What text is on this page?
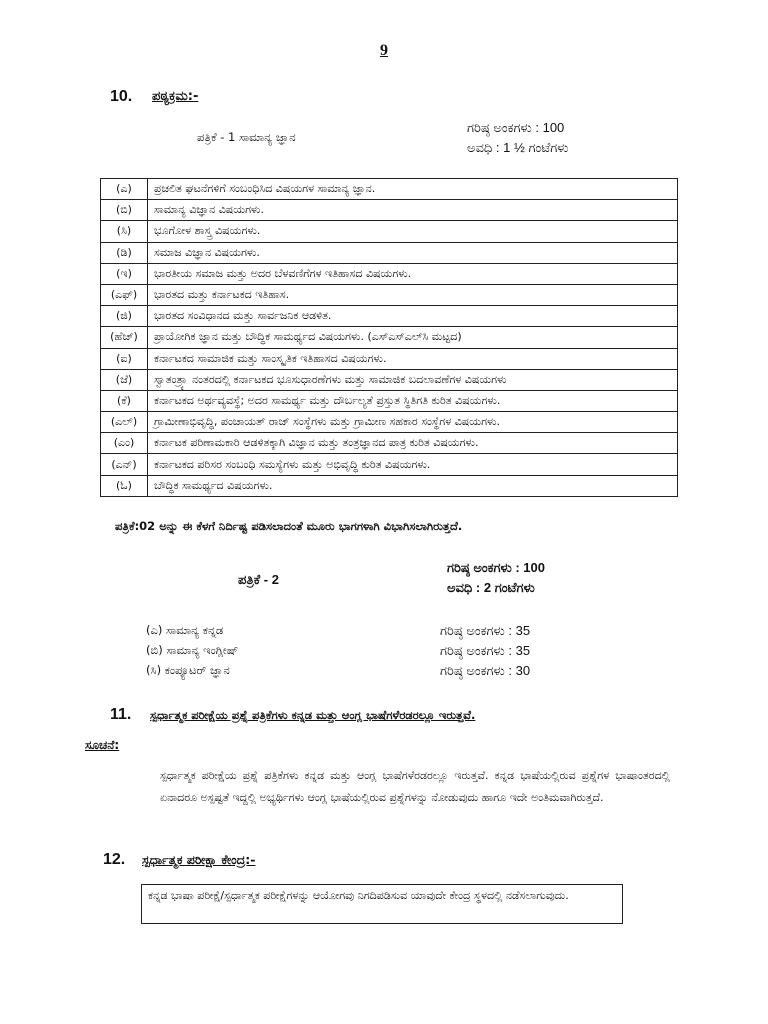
9
10. ಪಠ್ಯಕ್ರಮ:-
ಪತ್ರಿಕೆ - 1 ಸಾಮಾನ್ಯ ಜ್ಞಾನ
ಗರಿಷ್ಠ ಅಂಕಗಳು : 100
ಅವಧಿ : 1 ½ ಗಂಟೆಗಳು
(ಎ)	ಪ್ರಚಲಿತ ಘಟನೆಗಳಿಗೆ ಸಂಬಂಧಿಸಿದ ವಿಷಯಗಳ ಸಾಮಾನ್ಯ ಜ್ಞಾನ.
(ಬಿ)	ಸಾಮಾನ್ಯ ವಿಜ್ಞಾನ ವಿಷಯಗಳು.
(ಸಿ)	ಭೂಗೋಳ ಶಾಸ್ತ್ರ ವಿಷಯಗಳು.
(ಡಿ)	ಸಮಾಜ ವಿಜ್ಞಾನ ವಿಷಯಗಳು.
(ಇ)	ಭಾರತೀಯ ಸಮಾಜ ಮತ್ತು ಅದರ ಬೆಳವಣಿಗೆಗಳ ಇತಿಹಾಸದ ವಿಷಯಗಳು.
(ಎಫ್)	ಭಾರತದ ಮತ್ತು ಕರ್ನಾಟಕದ ಇತಿಹಾಸ.
(ಜಿ)	ಭಾರತದ ಸಂವಿಧಾನದ ಮತ್ತು ಸಾರ್ವಜನಿಕ ಆಡಳಿತ.
(ಹೆಚ್)	ಪ್ರಾಯೋಗಿಕ ಜ್ಞಾನ ಮತ್ತು ಬೌದ್ಧಿಕ ಸಾಮರ್ಥ್ಯದ ವಿಷಯಗಳು. (ಎಸ್‌ಎಸ್‌ಎಲ್‌ಸಿ ಮಟ್ಟದ)
(ಐ)	ಕರ್ನಾಟಕದ ಸಾಮಾಜಿಕ ಮತ್ತು ಸಾಂಸ್ಕೃತಿಕ ಇತಿಹಾಸದ ವಿಷಯಗಳು.
(ಜೆ)	ಸ್ವಾತಂತ್ರ್ಯಾ ನಂತರದಲ್ಲಿ ಕರ್ನಾಟಕದ ಭೂಸುಧಾರಣೆಗಳು ಮತ್ತು ಸಾಮಾಜಿಕ ಬದಲಾವಣೆಗಳ ವಿಷಯಗಳು
(ಕೆ)	ಕರ್ನಾಟಕದ ಅರ್ಥವ್ಯವಸ್ಥೆ; ಅದರ ಸಾಮರ್ಥ್ಯ ಮತ್ತು ದೌರ್ಬಲ್ಯತೆ ಪ್ರಸ್ತುತ ಸ್ಥಿತಿಗತಿ ಕುರಿತ ವಿಷಯಗಳು.
(ಎಲ್)	ಗ್ರಾಮೀಣಾಭಿವೃದ್ಧಿ, ಪಂಚಾಯತ್ ರಾಜ್ ಸಂಸ್ಥೆಗಳು ಮತ್ತು ಗ್ರಾಮೀಣ ಸಹಕಾರ ಸಂಸ್ಥೆಗಳ ವಿಷಯಗಳು.
(ಎಂ)	ಕರ್ನಾಟಕ ಪರಿಣಾಮಕಾರಿ ಆಡಳಿತಕ್ಕಾಗಿ ವಿಜ್ಞಾನ ಮತ್ತು ತಂತ್ರಜ್ಞಾನದ ಪಾತ್ರ ಕುರಿತ ವಿಷಯಗಳು.
(ಎನ್)	ಕರ್ನಾಟಕದ ಪರಿಸರ ಸಂಬಂಧಿ ಸಮಸ್ಯೆಗಳು ಮತ್ತು ಅಭಿವೃದ್ಧಿ ಕುರಿತ ವಿಷಯಗಳು.
(ಓ)	ಬೌದ್ಧಿಕ ಸಾಮರ್ಥ್ಯದ ವಿಷಯಗಳು.
ಪತ್ರಿಕೆ:02 ಅನ್ನು ಈ ಕೆಳಗೆ ನಿರ್ದಿಷ್ಟ ಪಡಿಸಲಾದಂತೆ ಮೂರು ಭಾಗಗಳಾಗಿ ವಿಭಾಗಿಸಲಾಗಿರುತ್ತದೆ.
ಪತ್ರಿಕೆ - 2
ಗರಿಷ್ಠ ಅಂಕಗಳು : 100
ಅವಧಿ : 2 ಗಂಟೆಗಳು
(ಎ) ಸಾಮಾನ್ಯ ಕನ್ನಡ	ಗರಿಷ್ಠ ಅಂಕಗಳು : 35
(ಬಿ) ಸಾಮಾನ್ಯ ಇಂಗ್ಲೀಷ್	ಗರಿಷ್ಠ ಅಂಕಗಳು : 35
(ಸಿ) ಕಂಪ್ಯೂಟರ್ ಜ್ಞಾನ	ಗರಿಷ್ಠ ಅಂಕಗಳು : 30
11. ಸ್ಪರ್ಧಾತ್ಮಕ ಪರೀಕ್ಷೆಯ ಪ್ರಶ್ನೆ ಪತ್ರಿಕೆಗಳು ಕನ್ನಡ ಮತ್ತು ಆಂಗ್ಲ ಭಾಷೆಗಳೆರಡರಲ್ಲೂ ಇರುತ್ತವೆ.
ಸೂಚನೆ:
ಸ್ಪರ್ಧಾತ್ಮಕ ಪರೀಕ್ಷೆಯ ಪ್ರಶ್ನೆ ಪತ್ರಿಕೆಗಳು ಕನ್ನಡ ಮತ್ತು ಆಂಗ್ಲ ಭಾಷೆಗಳೆರಡರಲ್ಲೂ ಇರುತ್ತವೆ. ಕನ್ನಡ ಭಾಷೆಯಲ್ಲಿರುವ ಪ್ರಶ್ನೆಗಳ ಭಾಷಾಂತರದಲ್ಲಿ ಏನಾದರೂ ಅಸ್ಪಷ್ಟತೆ ಇದ್ದಲ್ಲಿ ಅಭ್ಯರ್ಥಿಗಳು ಆಂಗ್ಲ ಭಾಷೆಯಲ್ಲಿರುವ ಪ್ರಶ್ನೆಗಳನ್ನು ನೋಡುವುದು ಹಾಗೂ ಇದೇ ಅಂತಿಮವಾಗಿರುತ್ತದೆ.
12. ಸ್ಪರ್ಧಾತ್ಮಕ ಪರೀಕ್ಷಾ ಕೇಂದ್ರ:-
ಕನ್ನಡ ಭಾಷಾ ಪರೀಕ್ಷೆ/ಸ್ಪರ್ಧಾತ್ಮಕ ಪರೀಕ್ಷೆಗಳನ್ನು ಆಯೋಗವು ನಿಗದಿಪಡಿಸುವ ಯಾವುದೇ ಕೇಂದ್ರ ಸ್ಥಳದಲ್ಲಿ ನಡೆಸಲಾಗುವುದು.
